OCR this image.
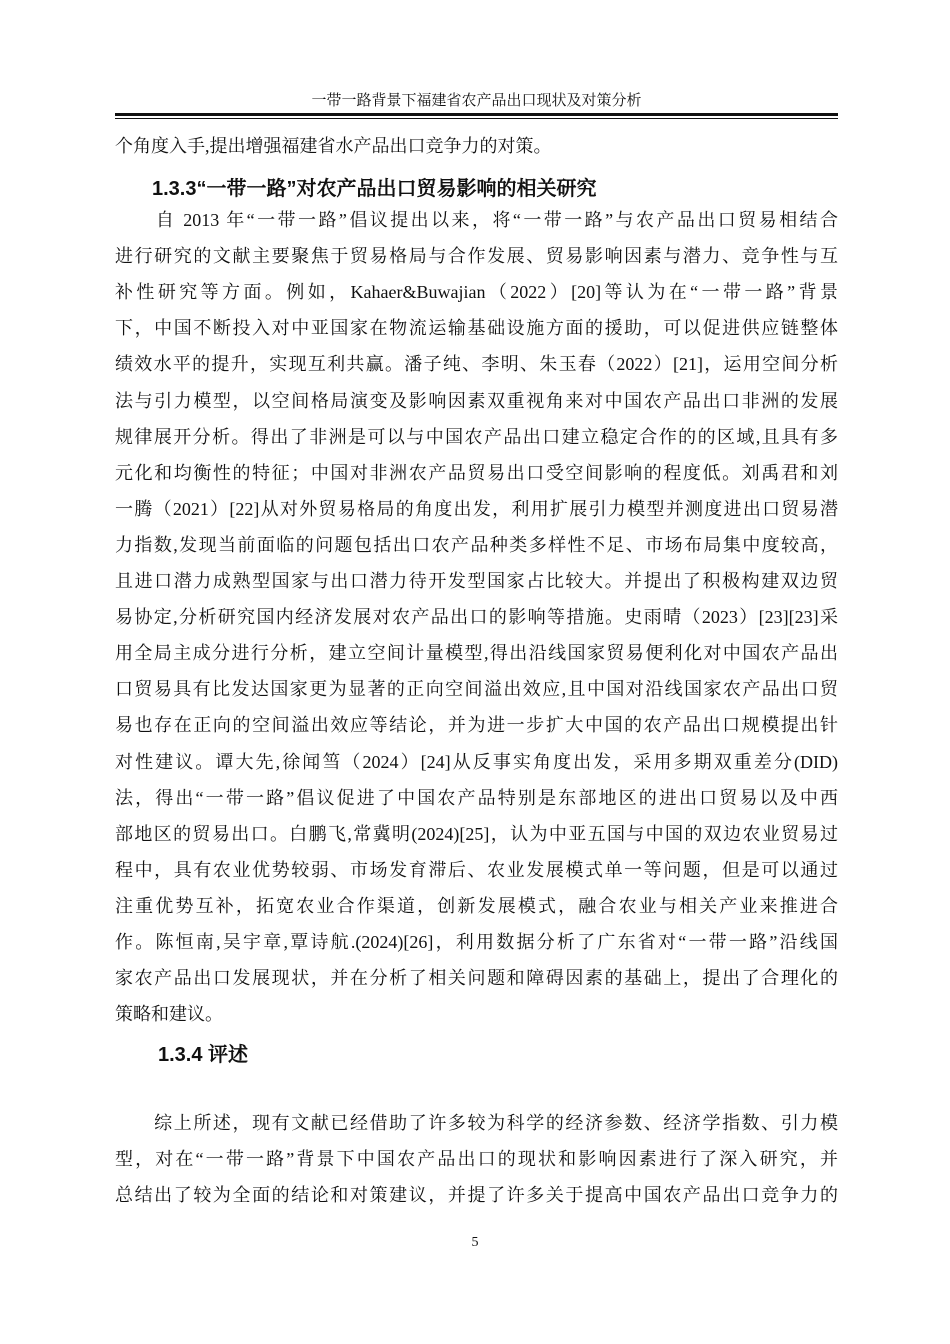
一带一路背景下福建省农产品出口现状及对策分析
个角度入手,提出增强福建省水产品出口竞争力的对策。
1.3.3“一带一路”对农产品出口贸易影响的相关研究
　　自 2013 年“一带一路”倡议提出以来，将“一带一路”与农产品出口贸易相结合
进行研究的文献主要聚焦于贸易格局与合作发展、贸易影响因素与潜力、竞争性与互
补性研究等方面。例如，Kahaer&Buwajian（2022）[20]等认为在“一带一路”背景
下，中国不断投入对中亚国家在物流运输基础设施方面的援助，可以促进供应链整体
绩效水平的提升，实现互利共赢。潘子纯、李明、朱玉春（2022）[21]，运用空间分析
法与引力模型，以空间格局演变及影响因素双重视角来对中国农产品出口非洲的发展
规律展开分析。得出了非洲是可以与中国农产品出口建立稳定合作的的区域,且具有多
元化和均衡性的特征；中国对非洲农产品贸易出口受空间影响的程度低。刘禹君和刘
一腾（2021）[22]从对外贸易格局的角度出发，利用扩展引力模型并测度进出口贸易潜
力指数,发现当前面临的问题包括出口农产品种类多样性不足、市场布局集中度较高，
且进口潜力成熟型国家与出口潜力待开发型国家占比较大。并提出了积极构建双边贸
易协定,分析研究国内经济发展对农产品出口的影响等措施。史雨晴（2023）[23][23]采
用全局主成分进行分析，建立空间计量模型,得出沿线国家贸易便利化对中国农产品出
口贸易具有比发达国家更为显著的正向空间溢出效应,且中国对沿线国家农产品出口贸
易也存在正向的空间溢出效应等结论，并为进一步扩大中国的农产品出口规模提出针
对性建议。谭大先,徐闻筜（2024）[24]从反事实角度出发，采用多期双重差分(DID)
法，得出“一带一路”倡议促进了中国农产品特别是东部地区的进出口贸易以及中西
部地区的贸易出口。白鹏飞,常冀明(2024)[25]，认为中亚五国与中国的双边农业贸易过
程中，具有农业优势较弱、市场发育滞后、农业发展模式单一等问题，但是可以通过
注重优势互补，拓宽农业合作渠道，创新发展模式，融合农业与相关产业来推进合
作。陈恒南,吴宇章,覃诗航.(2024)[26]，利用数据分析了广东省对“一带一路”沿线国
家农产品出口发展现状，并在分析了相关问题和障碍因素的基础上，提出了合理化的
策略和建议。
1.3.4 评述
　　综上所述，现有文献已经借助了许多较为科学的经济参数、经济学指数、引力模
型，对在“一带一路”背景下中国农产品出口的现状和影响因素进行了深入研究，并
总结出了较为全面的结论和对策建议，并提了许多关于提高中国农产品出口竞争力的
5
